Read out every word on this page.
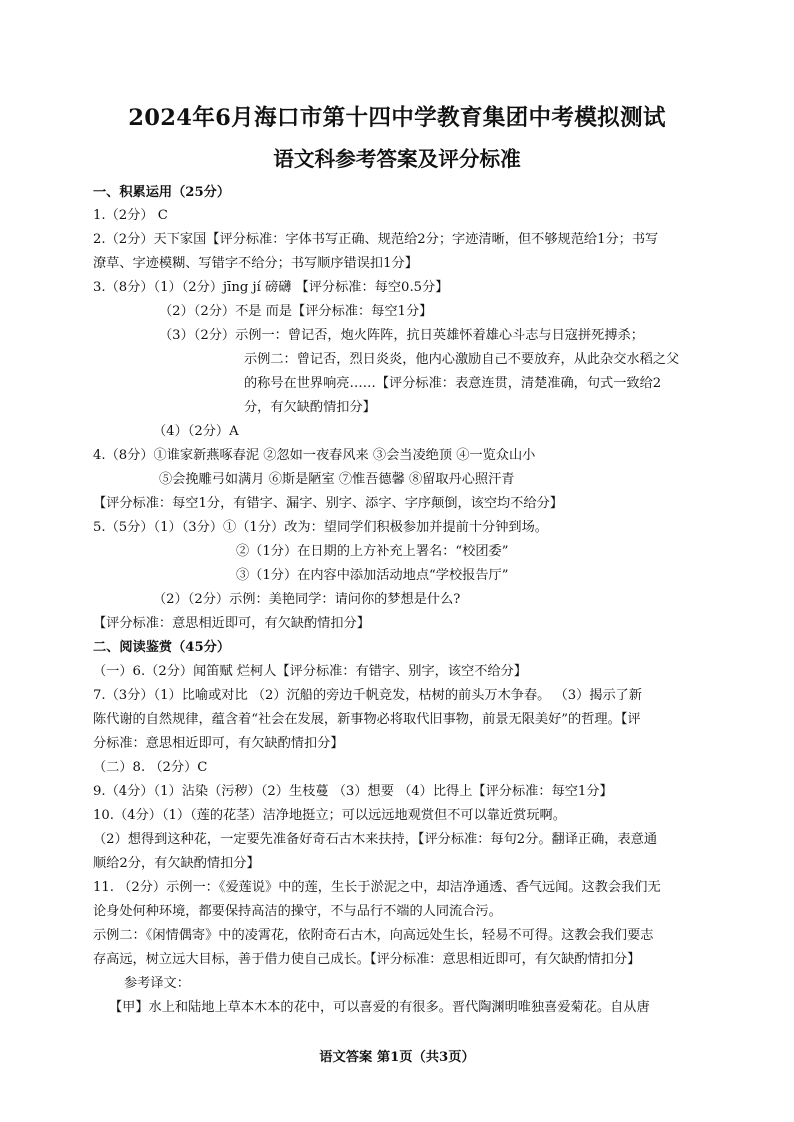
2024年6月海口市第十四中学教育集团中考模拟测试
语文科参考答案及评分标准
一、积累运用（25分）
1.（2分） C
2.（2分）天下家国【评分标准：字体书写正确、规范给2分；字迹清晰，但不够规范给1分；书写
潦草、字迹模糊、写错字不给分；书写顺序错误扣1分】
3.（8分）（1）（2分）jīng jí 磅礴 【评分标准：每空0.5分】
（2）（2分）不是 而是【评分标准：每空1分】
（3）（2分）示例一：曾记否，炮火阵阵，抗日英雄怀着雄心斗志与日寇拼死搏杀；
示例二：曾记否，烈日炎炎，他内心激励自己不要放弃，从此杂交水稻之父
的称号在世界响亮……【评分标准：表意连贯，清楚准确，句式一致给2
分，有欠缺酌情扣分】
（4）（2分）A
4.（8分）①谁家新燕啄春泥 ②忽如一夜春风来 ③会当凌绝顶 ④一览众山小
⑤会挽雕弓如满月 ⑥斯是陋室 ⑦惟吾德馨 ⑧留取丹心照汗青
【评分标准：每空1分，有错字、漏字、别字、添字、字序颠倒，该空均不给分】
5.（5分）（1）（3分）①（1分）改为：望同学们积极参加并提前十分钟到场。
②（1分）在日期的上方补充上署名：“校团委”
③（1分）在内容中添加活动地点“学校报告厅”
（2）（2分）示例：美艳同学：请问你的梦想是什么?
【评分标准：意思相近即可，有欠缺酌情扣分】
二、阅读鉴赏（45分）
（一）6.（2分）闻笛赋 烂柯人【评分标准：有错字、别字，该空不给分】
7.（3分）（1）比喻或对比 （2）沉船的旁边千帆竞发，枯树的前头万木争春。 （3）揭示了新
陈代谢的自然规律，蕴含着“社会在发展，新事物必将取代旧事物，前景无限美好”的哲理。【评
分标准：意思相近即可，有欠缺酌情扣分】
（二）8. （2分）C
9.（4分）（1）沾染（污秽）（2）生枝蔓 （3）想要 （4）比得上【评分标准：每空1分】
10.（4分）（1）（莲的花茎）洁净地挺立；可以远远地观赏但不可以靠近赏玩啊。
（2）想得到这种花，一定要先准备好奇石古木来扶持，【评分标准：每句2分。翻译正确，表意通
顺给2分，有欠缺酌情扣分】
11. （2分）示例一：《爱莲说》中的莲，生长于淤泥之中，却洁净通透、香气远闻。这教会我们无
论身处何种环境，都要保持高洁的操守，不与品行不端的人同流合污。
示例二：《闲情偶寄》中的凌霄花，依附奇石古木，向高远处生长，轻易不可得。这教会我们要志
存高远，树立远大目标，善于借力使自己成长。【评分标准：意思相近即可，有欠缺酌情扣分】
参考译文：
【甲】水上和陆地上草本木本的花中，可以喜爱的有很多。晋代陶渊明唯独喜爱菊花。自从唐
语文答案 第1页（共3页）
